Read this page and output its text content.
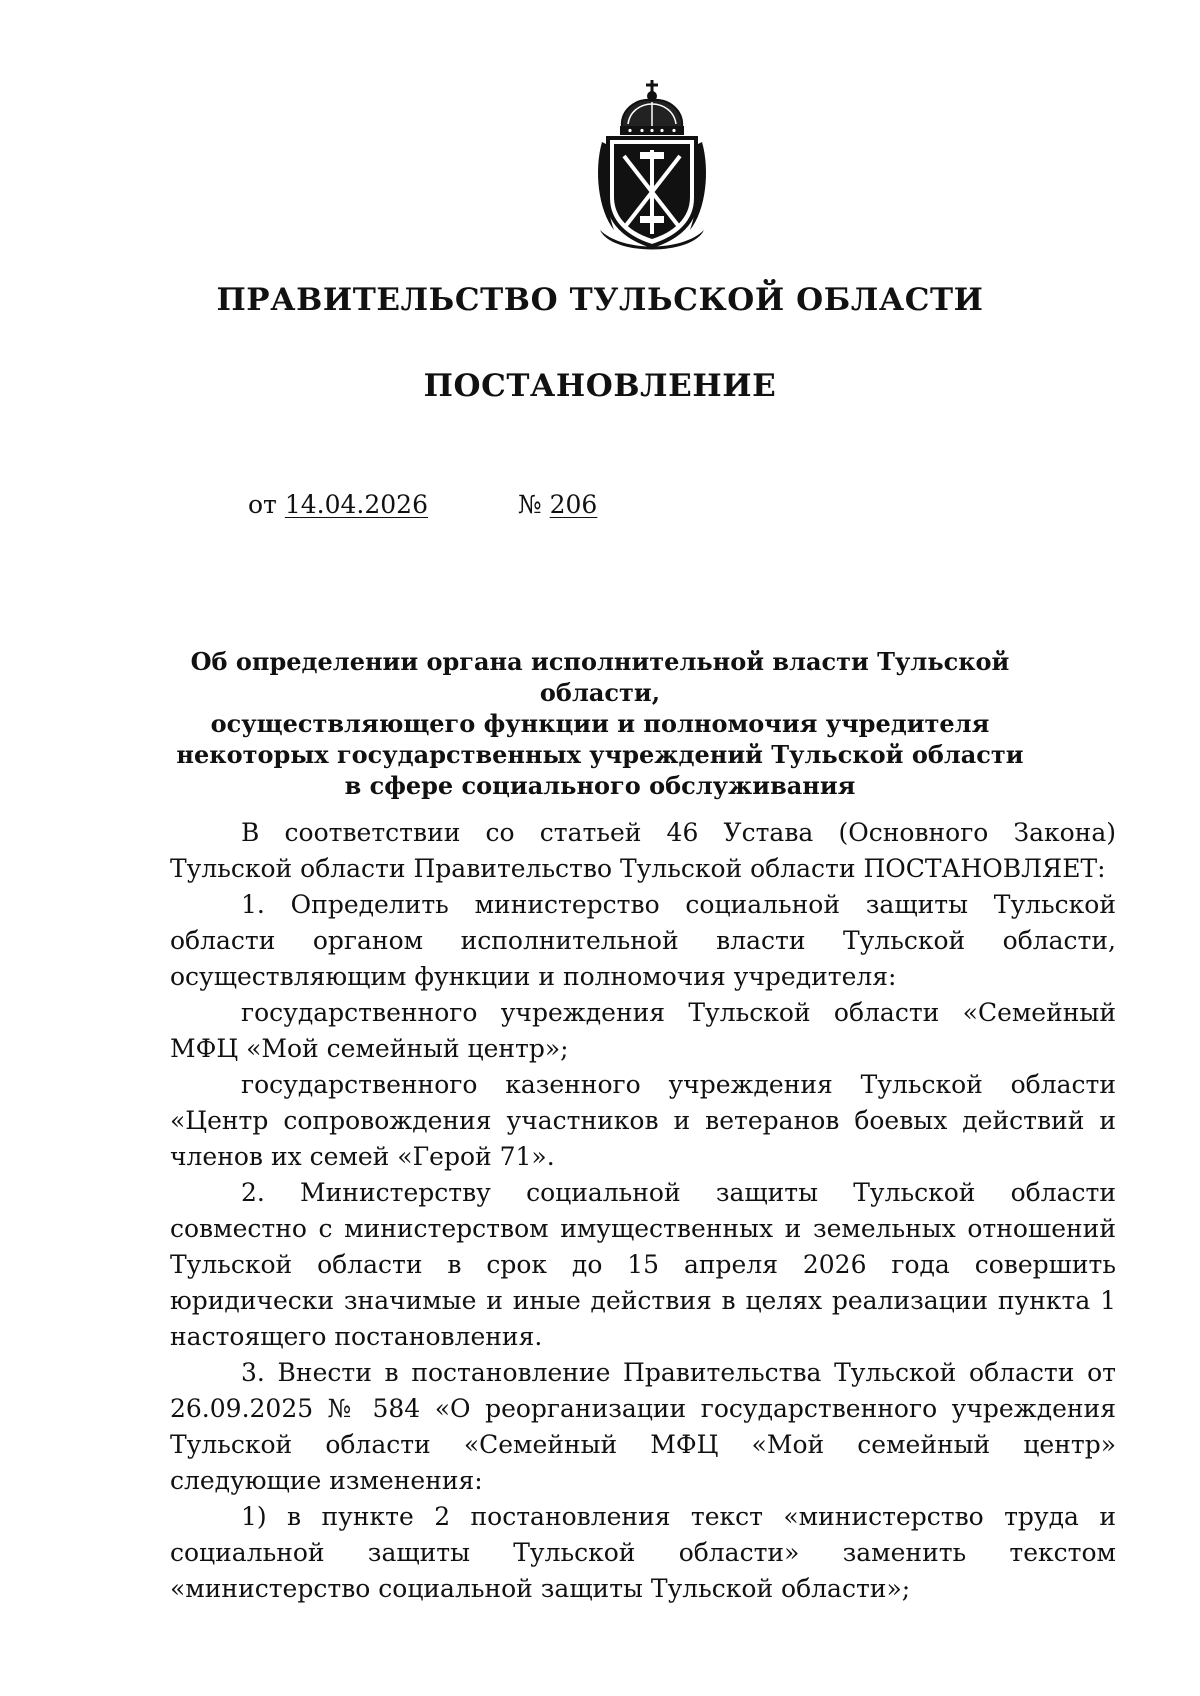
ПРАВИТЕЛЬСТВО ТУЛЬСКОЙ ОБЛАСТИ
ПОСТАНОВЛЕНИЕ
от 14.04.2026	№ 206
Об определении органа исполнительной власти Тульской области,
осуществляющего функции и полномочия учредителя
некоторых государственных учреждений Тульской области
в сфере социального обслуживания

В соответствии со статьей 46 Устава (Основного Закона) Тульской области Правительство Тульской области ПОСТАНОВЛЯЕТ:

1. Определить министерство социальной защиты Тульской области органом исполнительной власти Тульской области, осуществляющим функции и полномочия учредителя:

государственного учреждения Тульской области «Семейный МФЦ «Мой семейный центр»;

государственного казенного учреждения Тульской области «Центр сопровождения участников и ветеранов боевых действий и членов их семей «Герой 71».

2. Министерству социальной защиты Тульской области совместно с министерством имущественных и земельных отношений Тульской области в срок до 15 апреля 2026 года совершить юридически значимые и иные действия в целях реализации пункта 1 настоящего постановления.

3. Внести в постановление Правительства Тульской области от 26.09.2025 № 584 «О реорганизации государственного учреждения Тульской области «Семейный МФЦ «Мой семейный центр» следующие изменения:

1) в пункте 2 постановления текст «министерство труда и социальной защиты Тульской области» заменить текстом «министерство социальной защиты Тульской области»;
